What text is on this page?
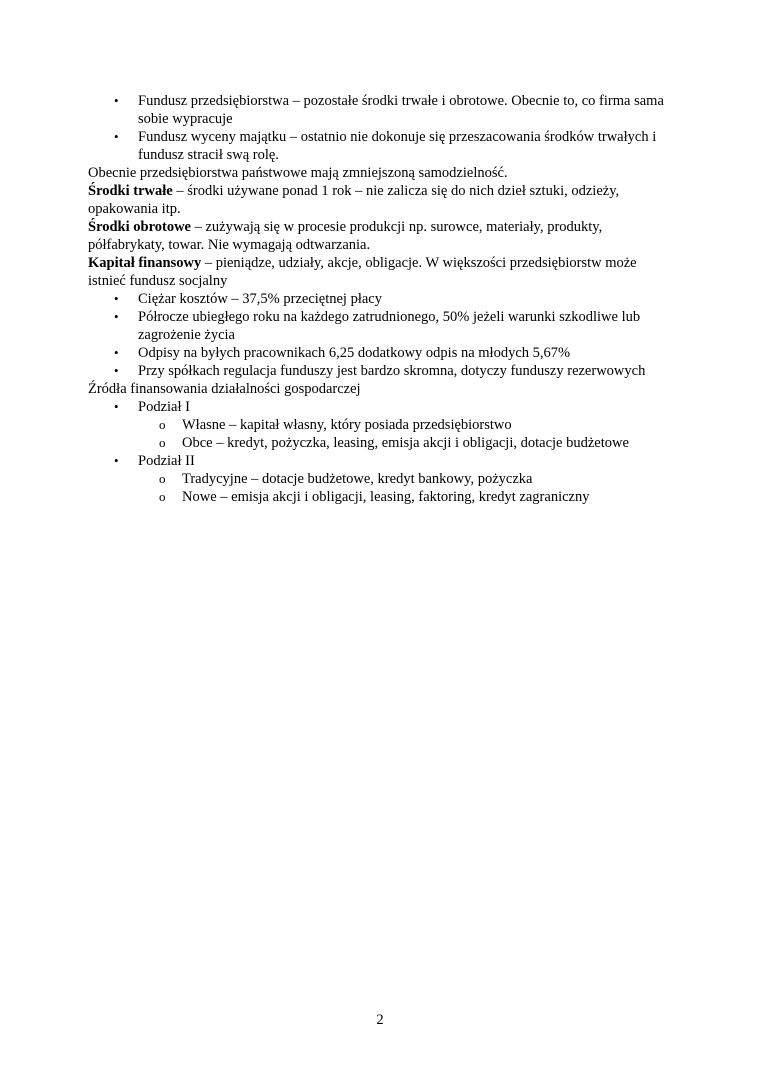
• Fundusz przedsiębiorstwa – pozostałe środki trwałe i obrotowe. Obecnie to, co firma sama sobie wypracuje
• Fundusz wyceny majątku – ostatnio nie dokonuje się przeszacowania środków trwałych i fundusz stracił swą rolę.

Obecnie przedsiębiorstwa państwowe mają zmniejszoną samodzielność.

Środki trwałe – środki używane ponad 1 rok – nie zalicza się do nich dzieł sztuki, odzieży, opakowania itp.

Środki obrotowe – zużywają się w procesie produkcji np. surowce, materiały, produkty, półfabrykaty, towar. Nie wymagają odtwarzania.

Kapitał finansowy – pieniądze, udziały, akcje, obligacje. W większości przedsiębiorstw może istnieć fundusz socjalny

• Ciężar kosztów – 37,5% przeciętnej płacy
• Półrocze ubiegłego roku na każdego zatrudnionego, 50% jeżeli warunki szkodliwe lub zagrożenie życia
• Odpisy na byłych pracownikach 6,25 dodatkowy odpis na młodych 5,67%
• Przy spółkach regulacja funduszy jest bardzo skromna, dotyczy funduszy rezerwowych

Źródła finansowania działalności gospodarczej

• Podział I
o Własne – kapitał własny, który posiada przedsiębiorstwo
o Obce – kredyt, pożyczka, leasing, emisja akcji i obligacji, dotacje budżetowe
• Podział II
o Tradycyjne – dotacje budżetowe, kredyt bankowy, pożyczka
o Nowe – emisja akcji i obligacji, leasing, faktoring, kredyt zagraniczny
2
